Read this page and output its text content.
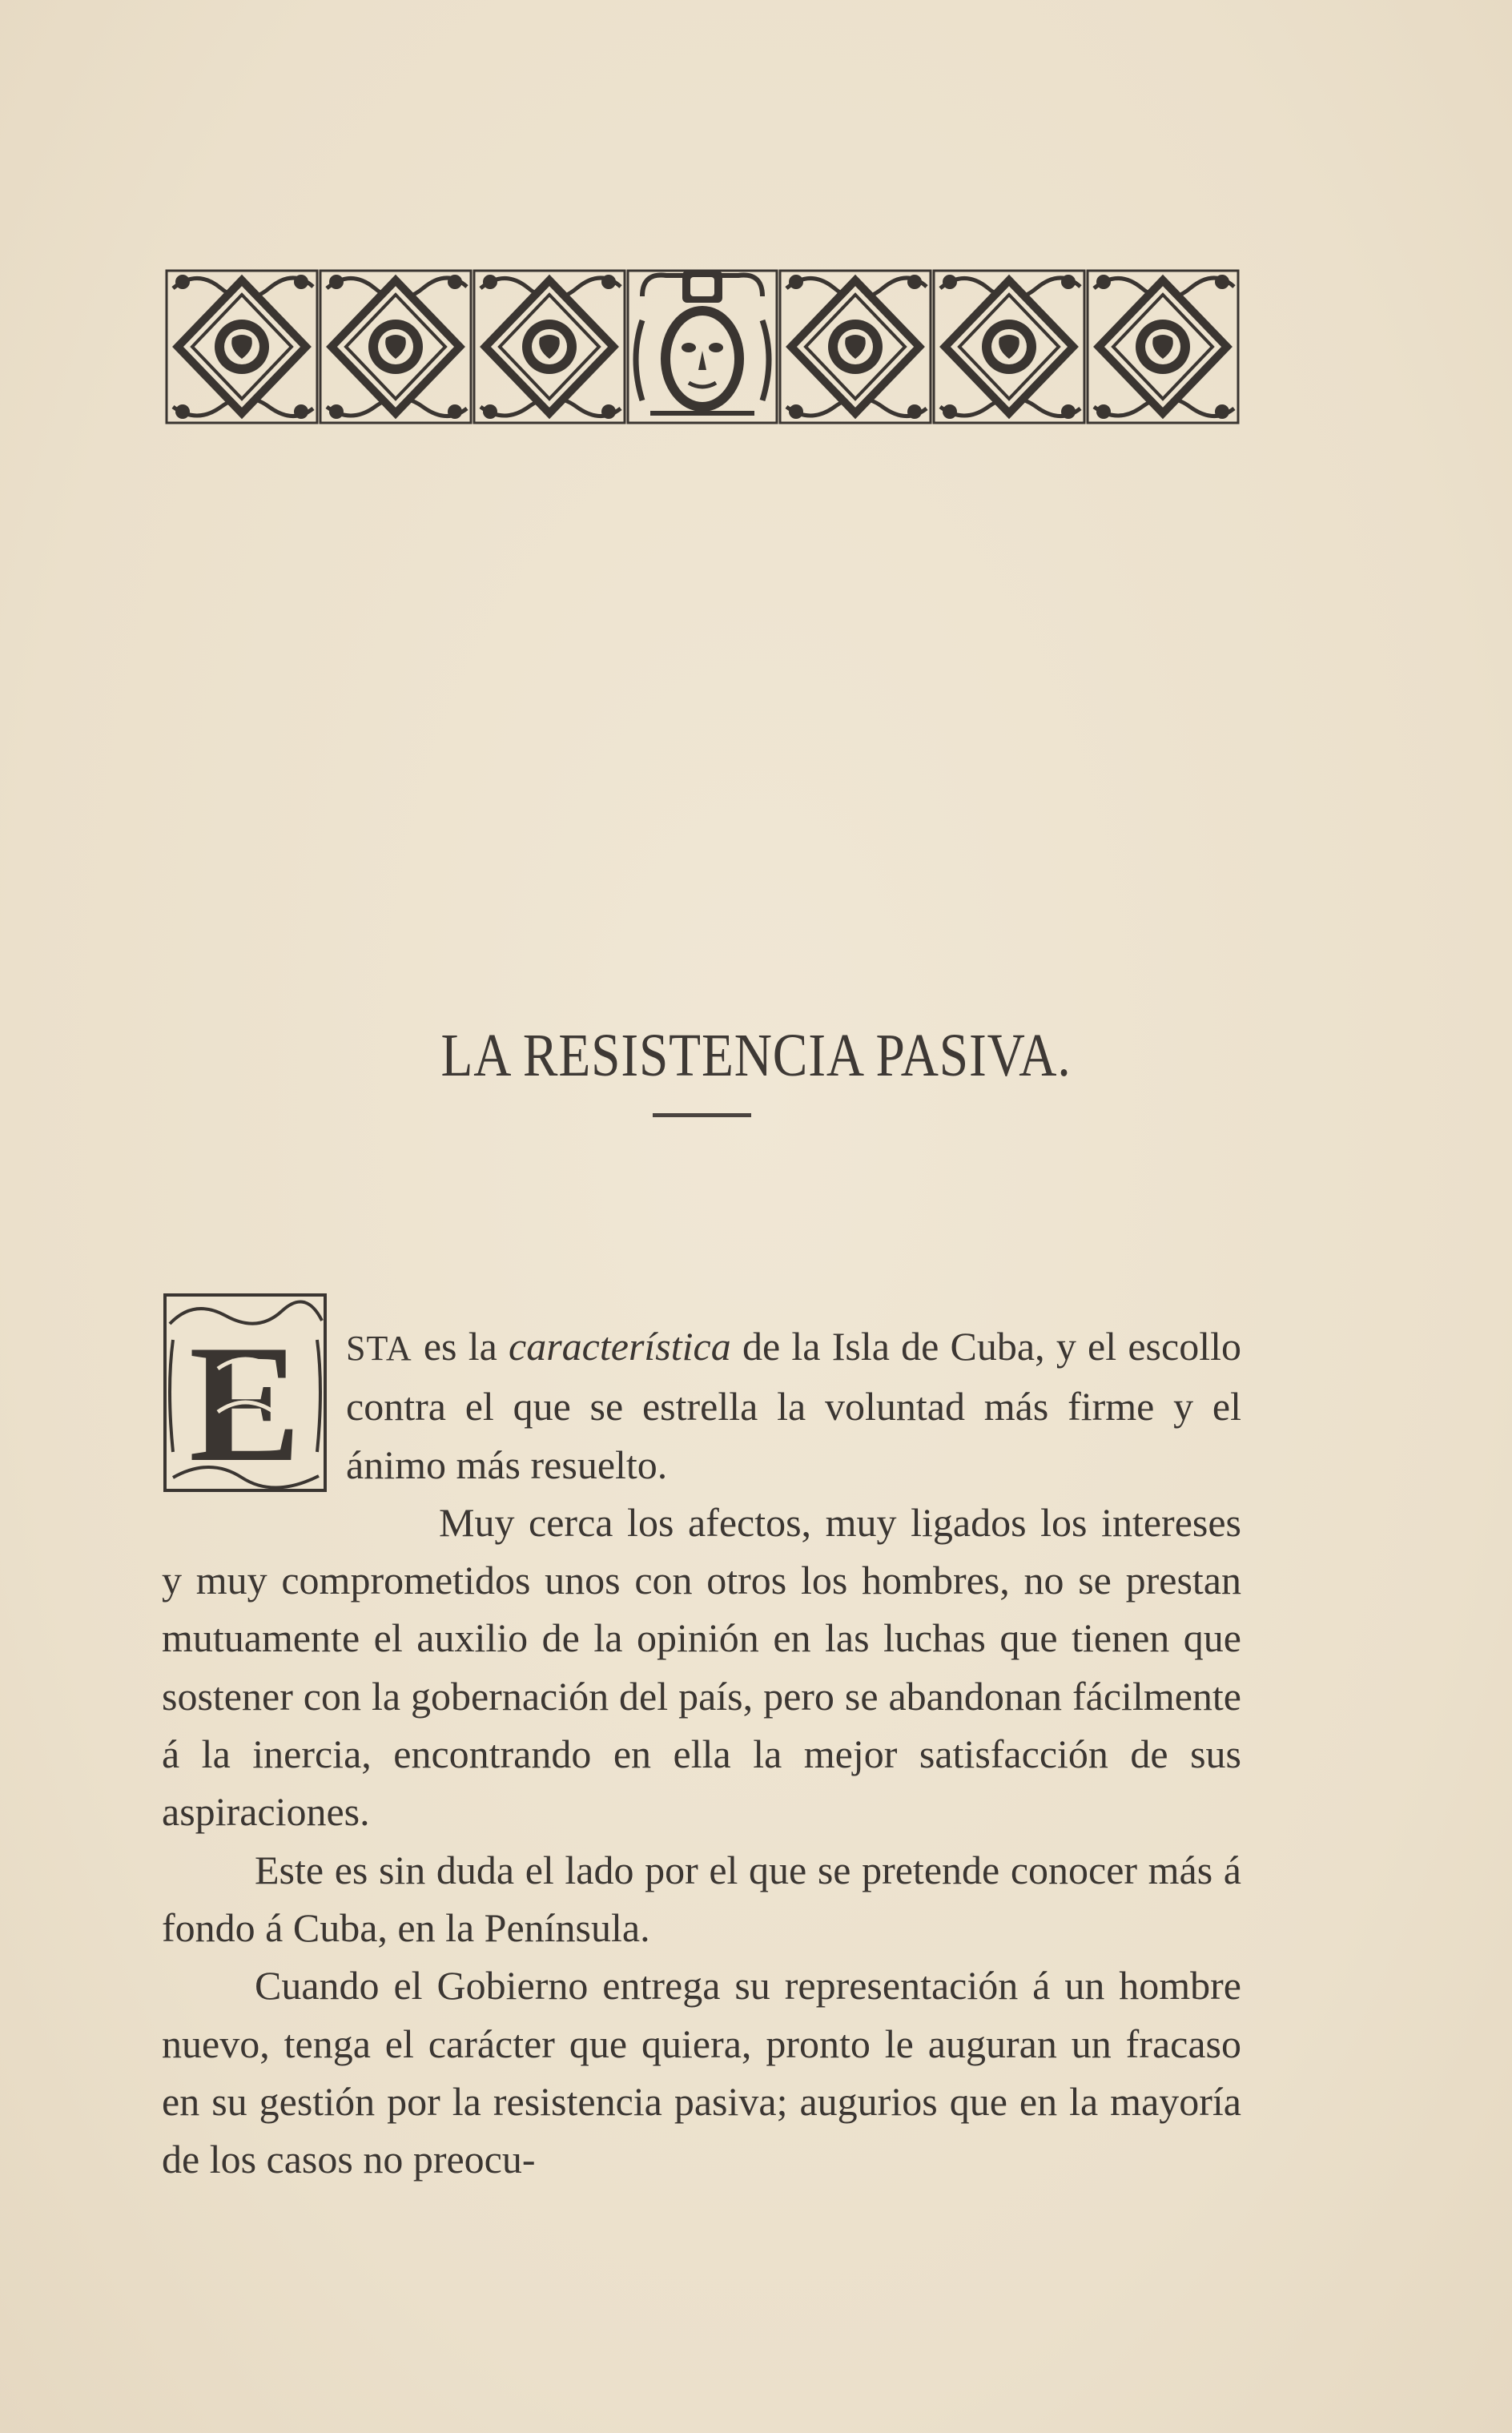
LA RESISTENCIA PASIVA.

E STA es la característica de la Isla de Cuba, y el escollo contra el que se estrella la voluntad más firme y el ánimo más resuelto.

Muy cerca los afectos, muy ligados los intereses y muy comprometidos unos con otros los hombres, no se prestan mutuamente el auxilio de la opinión en las luchas que tienen que sostener con la gobernación del país, pero se abandonan fácilmente á la inercia, encontrando en ella la mejor satisfacción de sus aspiraciones.

Este es sin duda el lado por el que se pretende conocer más á fondo á Cuba, en la Península.

Cuando el Gobierno entrega su representación á un hombre nuevo, tenga el carácter que quiera, pronto le auguran un fracaso en su gestión por la resistencia pasiva; augurios que en la mayoría de los casos no preocu-
